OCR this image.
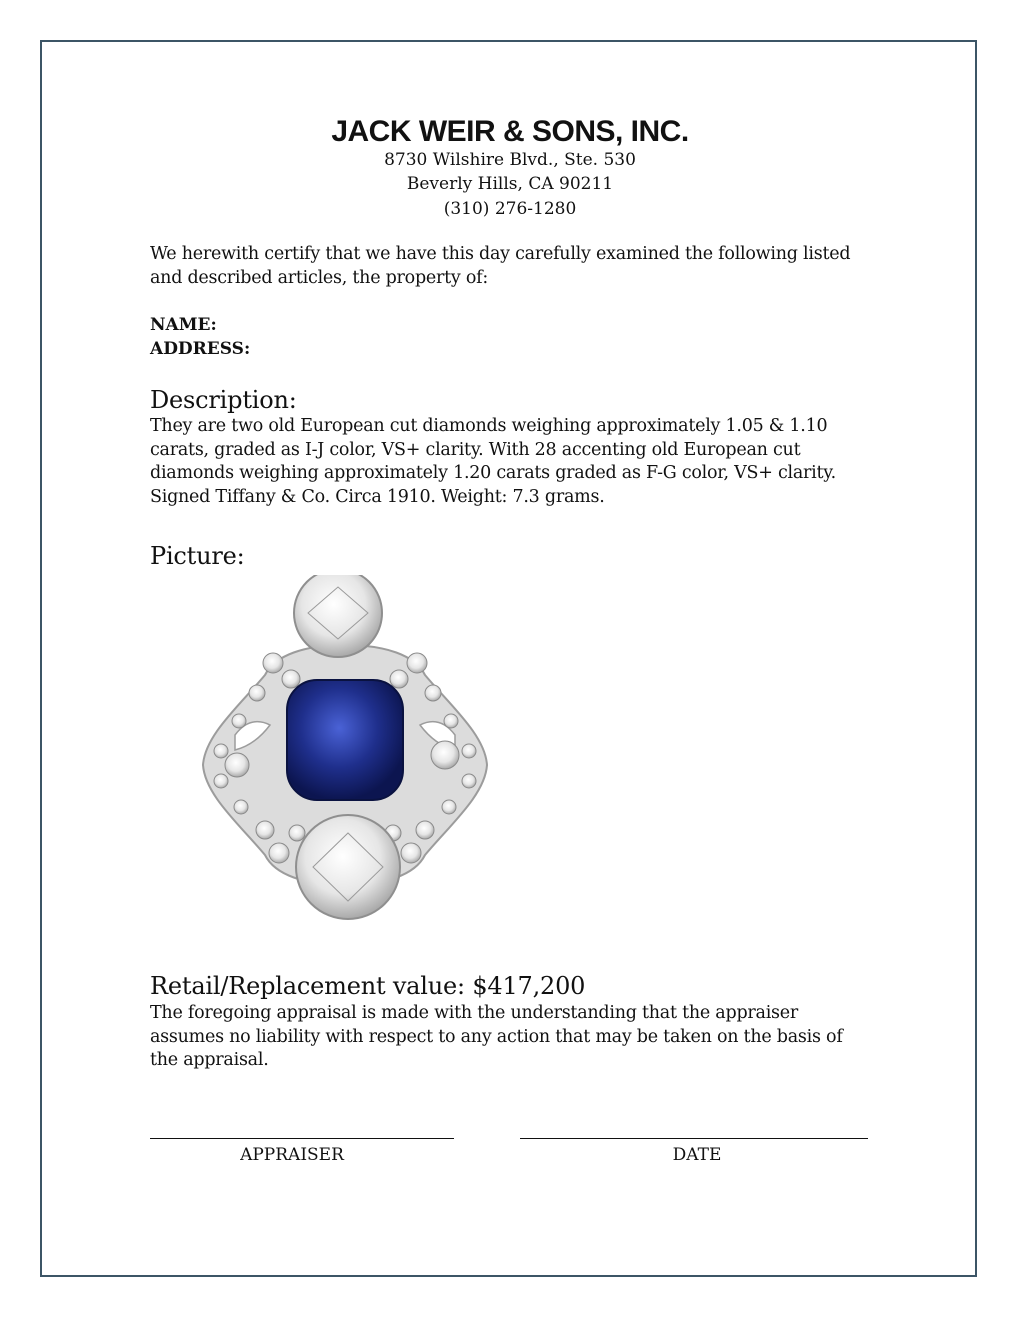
JACK WEIR & SONS, INC.
8730 Wilshire Blvd., Ste. 530
Beverly Hills, CA 90211
(310) 276-1280

We herewith certify that we have this day carefully examined the following listed and described articles, the property of:

NAME:
ADDRESS:
Description:

They are two old European cut diamonds weighing approximately 1.05 & 1.10 carats, graded as I-J color, VS+ clarity. With 28 accenting old European cut diamonds weighing approximately 1.20 carats graded as F-G color, VS+ clarity. Signed Tiffany & Co. Circa 1910. Weight: 7.3 grams.

Picture:
Retail/Replacement value: $417,200

The foregoing appraisal is made with the understanding that the appraiser assumes no liability with respect to any action that may be taken on the basis of the appraisal.

APPRAISER	DATE
